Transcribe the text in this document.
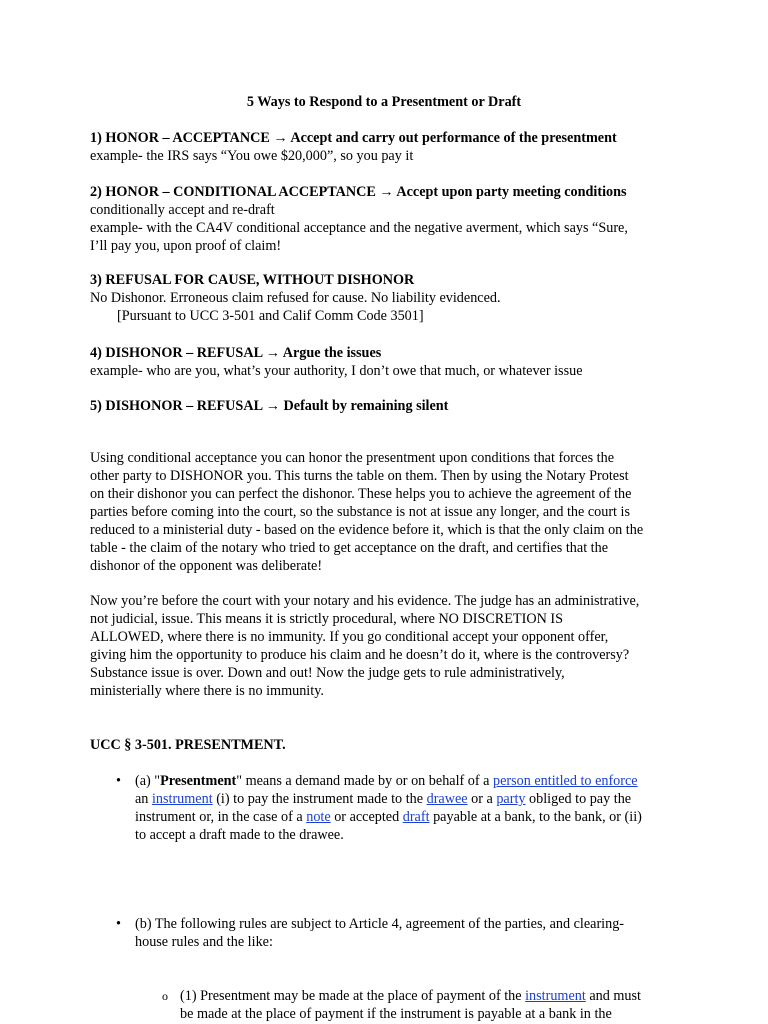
5 Ways to Respond to a Presentment or Draft

1) HONOR – ACCEPTANCE → Accept and carry out performance of the presentment

example- the IRS says “You owe $20,000”, so you pay it

2) HONOR – CONDITIONAL ACCEPTANCE → Accept upon party meeting conditions

conditionally accept and re-draft

example- with the CA4V conditional acceptance and the negative averment, which says “Sure,

I’ll pay you, upon proof of claim!

3) REFUSAL FOR CAUSE, WITHOUT DISHONOR

No Dishonor. Erroneous claim refused for cause. No liability evidenced.

[Pursuant to UCC 3-501 and Calif Comm Code 3501]

4) DISHONOR – REFUSAL → Argue the issues

example- who are you, what’s your authority, I don’t owe that much, or whatever issue

5) DISHONOR – REFUSAL → Default by remaining silent

Using conditional acceptance you can honor the presentment upon conditions that forces the

other party to DISHONOR you. This turns the table on them. Then by using the Notary Protest

on their dishonor you can perfect the dishonor. These helps you to achieve the agreement of the

parties before coming into the court, so the substance is not at issue any longer, and the court is

reduced to a ministerial duty - based on the evidence before it, which is that the only claim on the

table - the claim of the notary who tried to get acceptance on the draft, and certifies that the

dishonor of the opponent was deliberate!

Now you’re before the court with your notary and his evidence. The judge has an administrative,

not judicial, issue. This means it is strictly procedural, where NO DISCRETION IS

ALLOWED, where there is no immunity. If you go conditional accept your opponent offer,

giving him the opportunity to produce his claim and he doesn’t do it, where is the controversy?

Substance issue is over. Down and out! Now the judge gets to rule administratively,

ministerially where there is no immunity.

UCC § 3-501. PRESENTMENT.

• (a) "Presentment" means a demand made by or on behalf of a person entitled to enforce

an instrument (i) to pay the instrument made to the drawee or a party obliged to pay the

instrument or, in the case of a note or accepted draft payable at a bank, to the bank, or (ii)

to accept a draft made to the drawee.

• (b) The following rules are subject to Article 4, agreement of the parties, and clearing-

house rules and the like:

o (1) Presentment may be made at the place of payment of the instrument and must

be made at the place of payment if the instrument is payable at a bank in the
